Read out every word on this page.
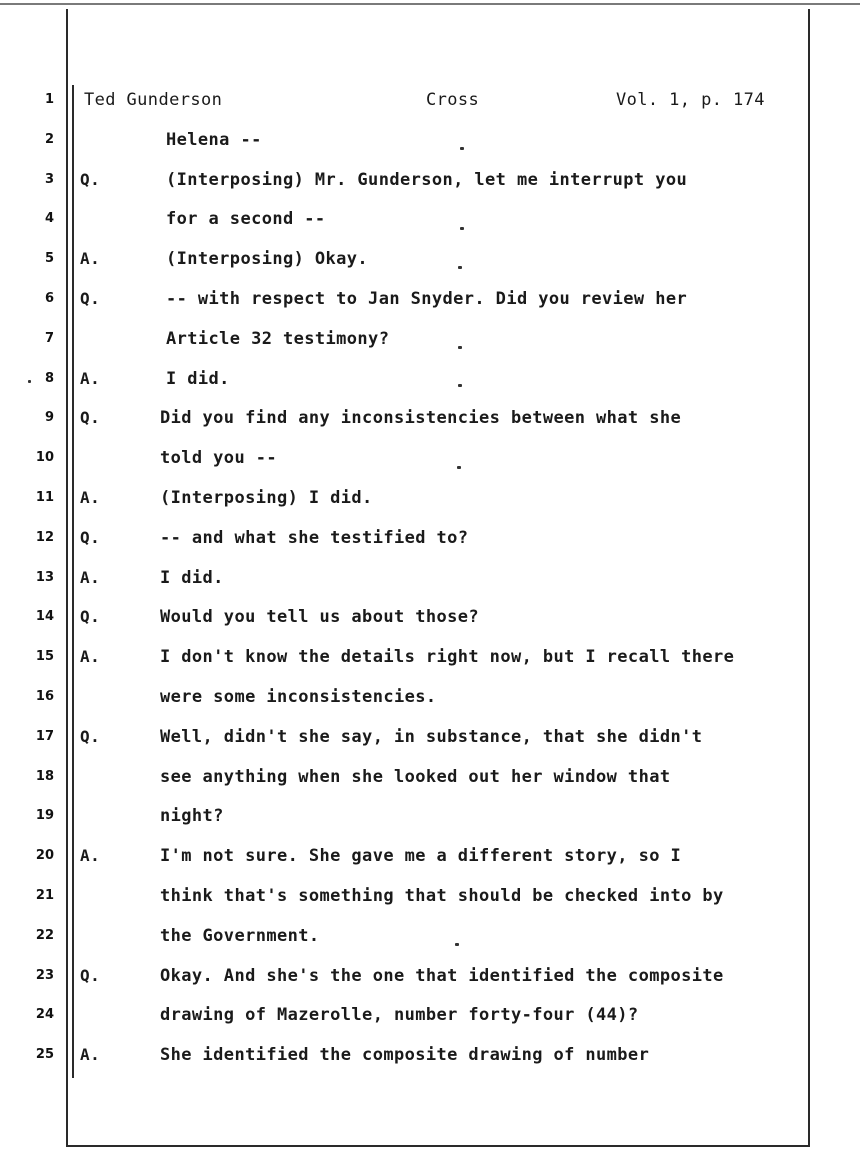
Ted Gunderson	Cross	Vol. 1, p. 174
1
2	Helena --
3 Q.	(Interposing) Mr. Gunderson, let me interrupt you
4	for a second --
5 A.	(Interposing) Okay.
6 Q.	-- with respect to Jan Snyder. Did you review her
7	Article 32 testimony?
8 A.	I did.
9 Q.	Did you find any inconsistencies between what she
10	told you --
11 A.	(Interposing) I did.
12 Q.	-- and what she testified to?
13 A.	I did.
14 Q.	Would you tell us about those?
15 A.	I don't know the details right now, but I recall there
16	were some inconsistencies.
17 Q.	Well, didn't she say, in substance, that she didn't
18	see anything when she looked out her window that
19	night?
20 A.	I'm not sure. She gave me a different story, so I
21	think that's something that should be checked into by
22	the Government.
23 Q.	Okay. And she's the one that identified the composite
24	drawing of Mazerolle, number forty-four (44)?
25 A.	She identified the composite drawing of number
